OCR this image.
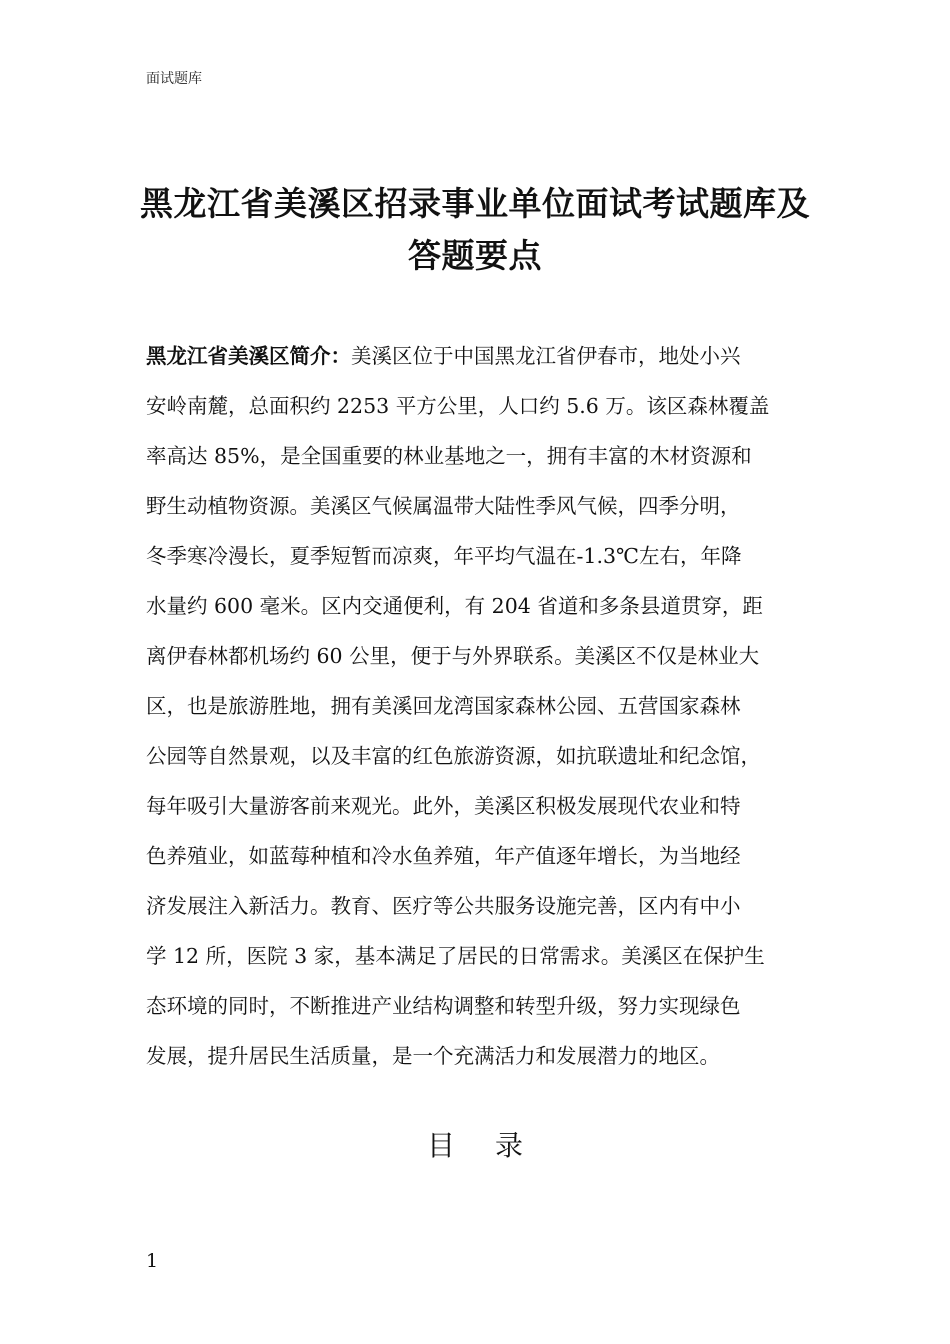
面试题库
黑龙江省美溪区招录事业单位面试考试题库及
答题要点
黑龙江省美溪区简介：美溪区位于中国黑龙江省伊春市，地处小兴
安岭南麓，总面积约 2253 平方公里，人口约 5.6 万。该区森林覆盖
率高达 85%，是全国重要的林业基地之一，拥有丰富的木材资源和
野生动植物资源。美溪区气候属温带大陆性季风气候，四季分明，
冬季寒冷漫长，夏季短暂而凉爽，年平均气温在-1.3℃左右，年降
水量约 600 毫米。区内交通便利，有 204 省道和多条县道贯穿，距
离伊春林都机场约 60 公里，便于与外界联系。美溪区不仅是林业大
区，也是旅游胜地，拥有美溪回龙湾国家森林公园、五营国家森林
公园等自然景观，以及丰富的红色旅游资源，如抗联遗址和纪念馆，
每年吸引大量游客前来观光。此外，美溪区积极发展现代农业和特
色养殖业，如蓝莓种植和冷水鱼养殖，年产值逐年增长，为当地经
济发展注入新活力。教育、医疗等公共服务设施完善，区内有中小
学 12 所，医院 3 家，基本满足了居民的日常需求。美溪区在保护生
态环境的同时，不断推进产业结构调整和转型升级，努力实现绿色
发展，提升居民生活质量，是一个充满活力和发展潜力的地区。
目录
1
